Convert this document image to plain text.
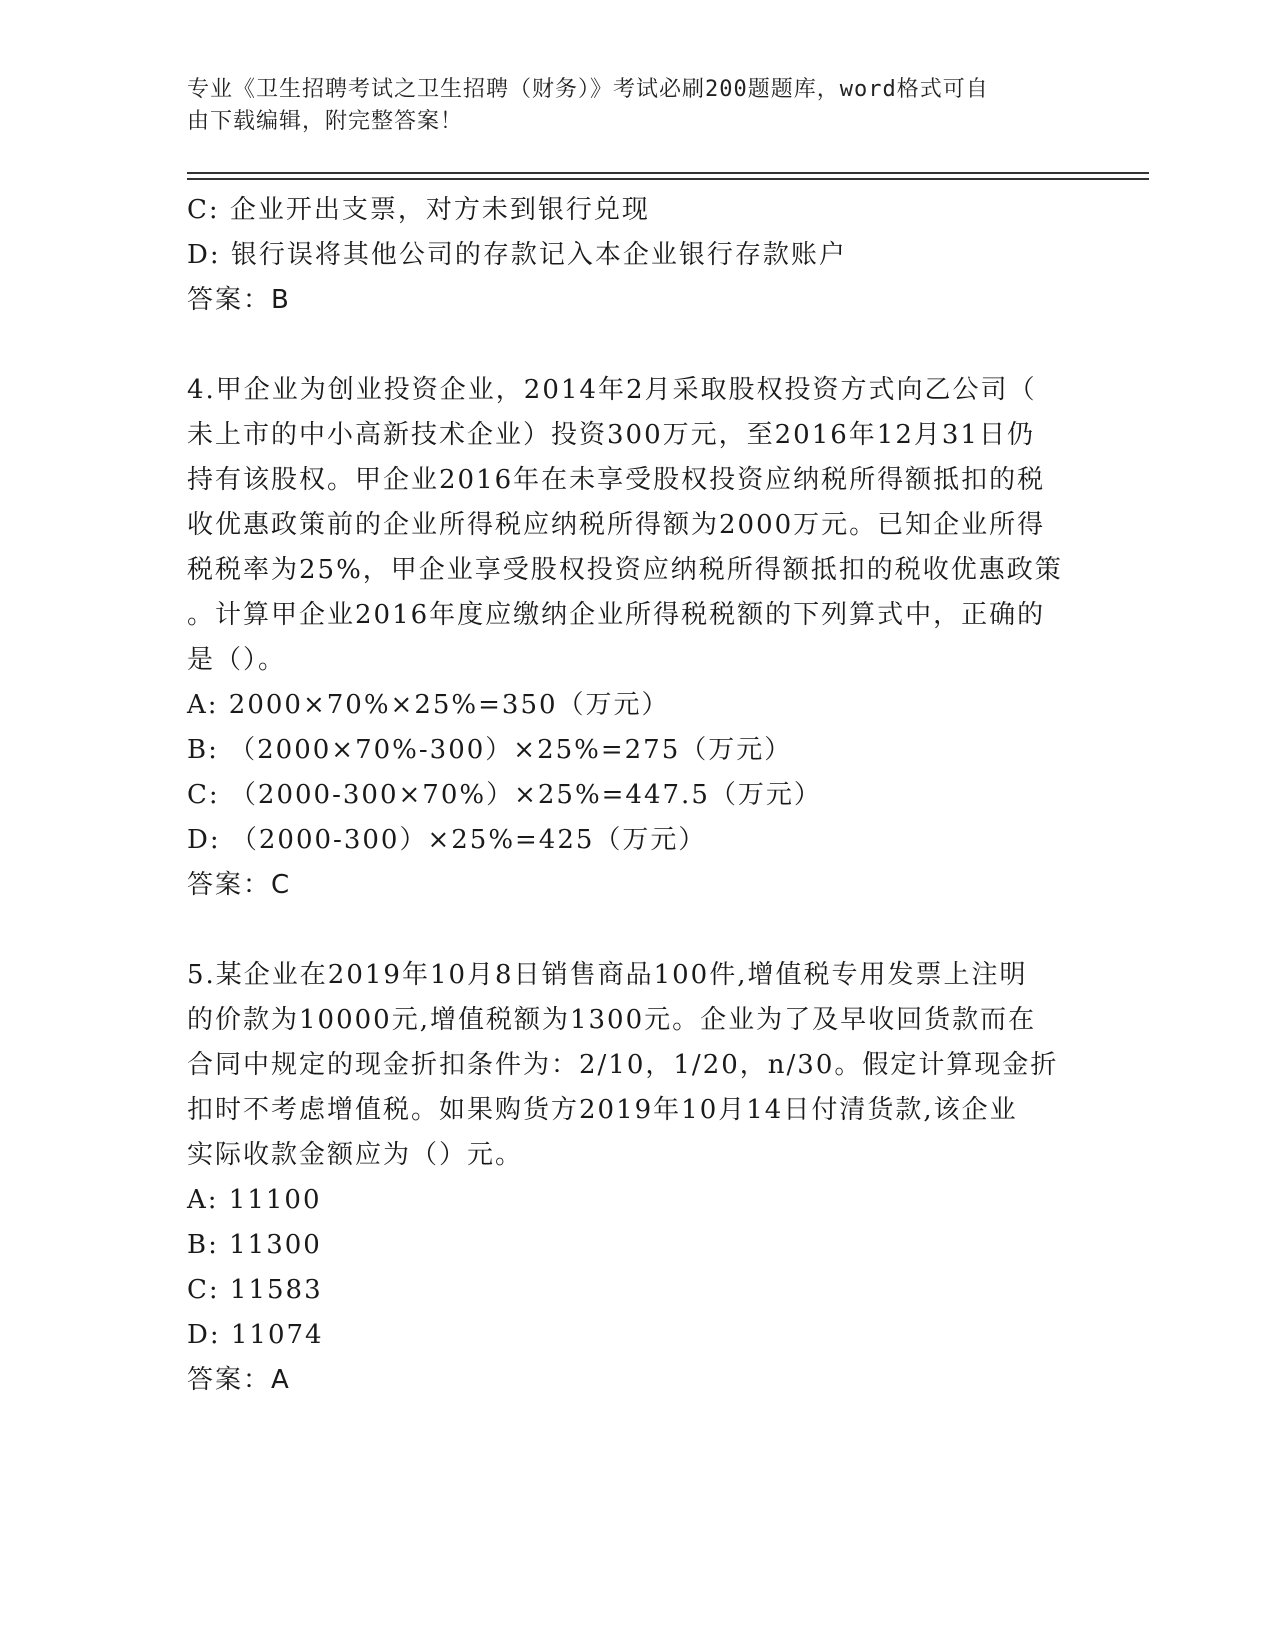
专业《卫生招聘考试之卫生招聘（财务）》考试必刷200题题库，word格式可自
由下载编辑，附完整答案！

C: 企业开出支票，对方未到银行兑现

D: 银行误将其他公司的存款记入本企业银行存款账户

答案：B

4.甲企业为创业投资企业，2014年2月采取股权投资方式向乙公司（

未上市的中小高新技术企业）投资300万元，至2016年12月31日仍

持有该股权。甲企业2016年在未享受股权投资应纳税所得额抵扣的税

收优惠政策前的企业所得税应纳税所得额为2000万元。已知企业所得

税税率为25%，甲企业享受股权投资应纳税所得额抵扣的税收优惠政策

。计算甲企业2016年度应缴纳企业所得税税额的下列算式中，正确的

是（）。

A: 2000×70%×25%=350（万元）

B: （2000×70%-300）×25%=275（万元）

C: （2000-300×70%）×25%=447.5（万元）

D: （2000-300）×25%=425（万元）

答案：C

5.某企业在2019年10月8日销售商品100件,增值税专用发票上注明

的价款为10000元,增值税额为1300元。企业为了及早收回货款而在

合同中规定的现金折扣条件为：2/10，1/20，n/30。假定计算现金折

扣时不考虑增值税。如果购货方2019年10月14日付清货款,该企业

实际收款金额应为（）元。

A: 11100

B: 11300

C: 11583

D: 11074

答案：A
